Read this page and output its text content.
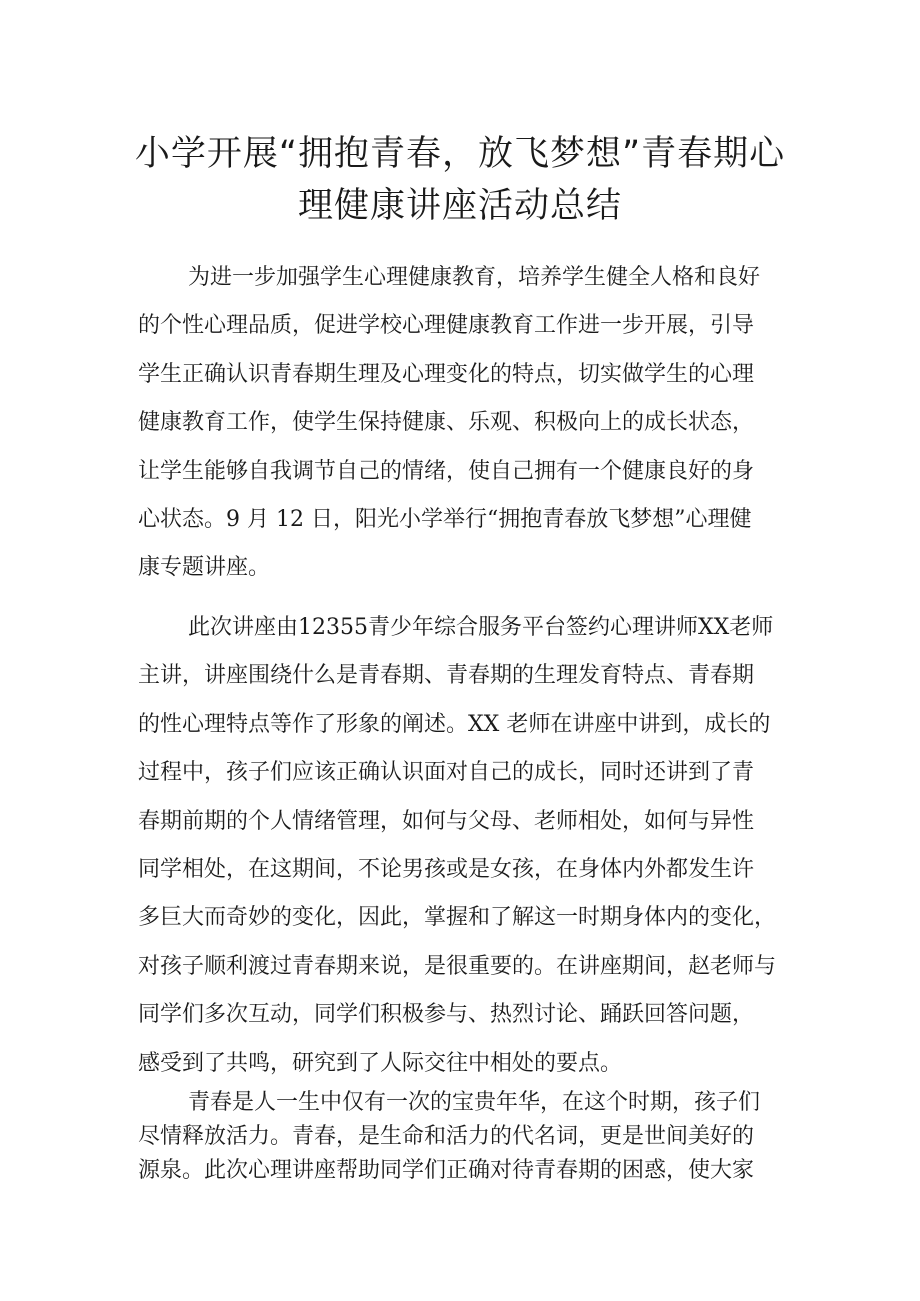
小学开展“拥抱青春，放飞梦想”青春期心
理健康讲座活动总结
为进一步加强学生心理健康教育，培养学生健全人格和良好
的个性心理品质，促进学校心理健康教育工作进一步开展，引导
学生正确认识青春期生理及心理变化的特点，切实做学生的心理
健康教育工作，使学生保持健康、乐观、积极向上的成长状态，
让学生能够自我调节自己的情绪，使自己拥有一个健康良好的身
心状态。9 月 12 日，阳光小学举行“拥抱青春放飞梦想”心理健
康专题讲座。
此次讲座由12355青少年综合服务平台签约心理讲师XX老师
主讲，讲座围绕什么是青春期、青春期的生理发育特点、青春期
的性心理特点等作了形象的阐述。XX 老师在讲座中讲到，成长的
过程中，孩子们应该正确认识面对自己的成长，同时还讲到了青
春期前期的个人情绪管理，如何与父母、老师相处，如何与异性
同学相处，在这期间，不论男孩或是女孩，在身体内外都发生许
多巨大而奇妙的变化，因此，掌握和了解这一时期身体内的变化，
对孩子顺利渡过青春期来说，是很重要的。在讲座期间，赵老师与
同学们多次互动，同学们积极参与、热烈讨论、踊跃回答问题，
感受到了共鸣，研究到了人际交往中相处的要点。
青春是人一生中仅有一次的宝贵年华，在这个时期，孩子们
尽情释放活力。青春，是生命和活力的代名词，更是世间美好的
源泉。此次心理讲座帮助同学们正确对待青春期的困惑，使大家
